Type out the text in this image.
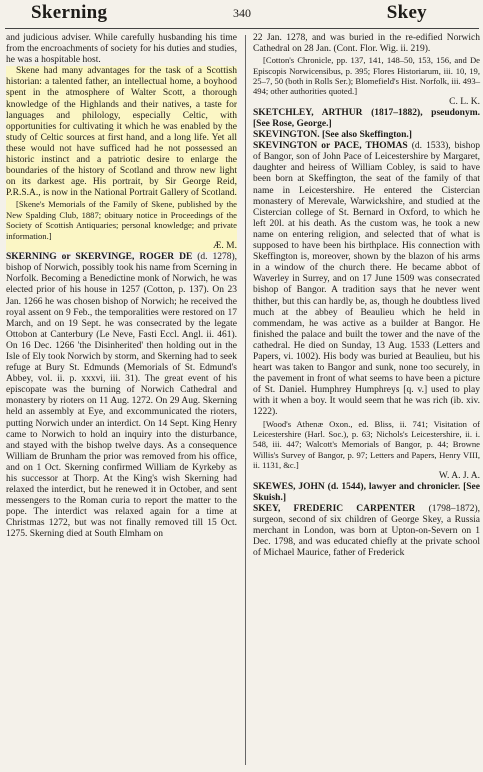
Skerning	340	Skey

and judicious adviser. While carefully husbanding his time from the encroachments of society for his duties and studies, he was a hospitable host.

Skene had many advantages for the task of a Scottish historian: a talented father, an intellectual home, a boyhood spent in the atmosphere of Walter Scott, a thorough knowledge of the Highlands and their natives, a taste for languages and philology, especially Celtic, with opportunities for cultivating it which he was enabled by the study of Celtic sources at first hand, and a long life. Yet all these would not have sufficed had he not possessed an historic instinct and a patriotic desire to enlarge the boundaries of the history of Scotland and throw new light on its darkest age. His portrait, by Sir George Reid, P.R.S.A., is now in the National Portrait Gallery of Scotland.

[Skene's Memorials of the Family of Skene, published by the New Spalding Club, 1887; obituary notice in Proceedings of the Society of Scottish Antiquaries; personal knowledge; and private information.]

Æ. M.

SKERNING or SKERVINGE, ROGER DE (d. 1278), bishop of Norwich, possibly took his name from Scerning in Norfolk. Becoming a Benedictine monk of Norwich, he was elected prior of his house in 1257 (Cotton, p. 137). On 23 Jan. 1266 he was chosen bishop of Norwich; he received the royal assent on 9 Feb., the temporalities were restored on 17 March, and on 19 Sept. he was consecrated by the legate Ottobon at Canterbury (Le Neve, Fasti Eccl. Angl. ii. 461). On 16 Dec. 1266 'the Disinherited' then holding out in the Isle of Ely took Norwich by storm, and Skerning had to seek refuge at Bury St. Edmunds (Memorials of St. Edmund's Abbey, vol. ii. p. xxxvi, iii. 31). The great event of his episcopate was the burning of Norwich Cathedral and monastery by rioters on 11 Aug. 1272. On 29 Aug. Skerning held an assembly at Eye, and excommunicated the rioters, putting Norwich under an interdict. On 14 Sept. King Henry came to Norwich to hold an inquiry into the disturbance, and stayed with the bishop twelve days. As a consequence William de Brunham the prior was removed from his office, and on 1 Oct. Skerning confirmed William de Kyrkeby as his successor at Thorp. At the King's wish Skerning had relaxed the interdict, but he renewed it in October, and sent messengers to the Roman curia to report the matter to the pope. The interdict was relaxed again for a time at Christmas 1272, but was not finally removed till 15 Oct. 1275. Skerning died at South Elmham on

22 Jan. 1278, and was buried in the re-edified Norwich Cathedral on 28 Jan. (Cont. Flor. Wig. ii. 219).

[Cotton's Chronicle, pp. 137, 141, 148–50, 153, 156, and De Episcopis Norwicensibus, p. 395; Flores Historiarum, iii. 10, 19, 25–7, 50 (both in Rolls Ser.); Blomefield's Hist. Norfolk, iii. 493–494; other authorities quoted.]

C. L. K.

SKETCHLEY, ARTHUR (1817–1882), pseudonym. [See Rose, George.]

SKEVINGTON. [See also Skeffington.]

SKEVINGTON or PACE, THOMAS (d. 1533), bishop of Bangor, son of John Pace of Leicestershire by Margaret, daughter and heiress of William Cobley, is said to have been born at Skeffington, the seat of the family of that name in Leicestershire. He entered the Cistercian monastery of Merevale, Warwickshire, and studied at the Cistercian college of St. Bernard in Oxford, to which he left 20l. at his death. As the custom was, he took a new name on entering religion, and selected that of what is supposed to have been his birthplace. His connection with Skeffington is, moreover, shown by the blazon of his arms in a window of the church there. He became abbot of Waverley in Surrey, and on 17 June 1509 was consecrated bishop of Bangor. A tradition says that he never went thither, but this can hardly be, as, though he doubtless lived much at the abbey of Beaulieu which he held in commendam, he was active as a builder at Bangor. He finished the palace and built the tower and the nave of the cathedral. He died on Sunday, 13 Aug. 1533 (Letters and Papers, vi. 1002). His body was buried at Beaulieu, but his heart was taken to Bangor and sunk, none too securely, in the pavement in front of what seems to have been a picture of St. Daniel. Humphrey Humphreys [q. v.] used to play with it when a boy. It would seem that he was rich (ib. xiv. 1222).

[Wood's Athenæ Oxon., ed. Bliss, ii. 741; Visitation of Leicestershire (Harl. Soc.), p. 63; Nichols's Leicestershire, ii. i. 548, iii. 447; Walcott's Memorials of Bangor, p. 44; Browne Willis's Survey of Bangor, p. 97; Letters and Papers, Henry VIII, ii. 1131, &c.]

W. A. J. A.

SKEWES, JOHN (d. 1544), lawyer and chronicler. [See Skuish.]

SKEY, FREDERIC CARPENTER (1798–1872), surgeon, second of six children of George Skey, a Russia merchant in London, was born at Upton-on-Severn on 1 Dec. 1798, and was educated chiefly at the private school of Michael Maurice, father of Frederick
